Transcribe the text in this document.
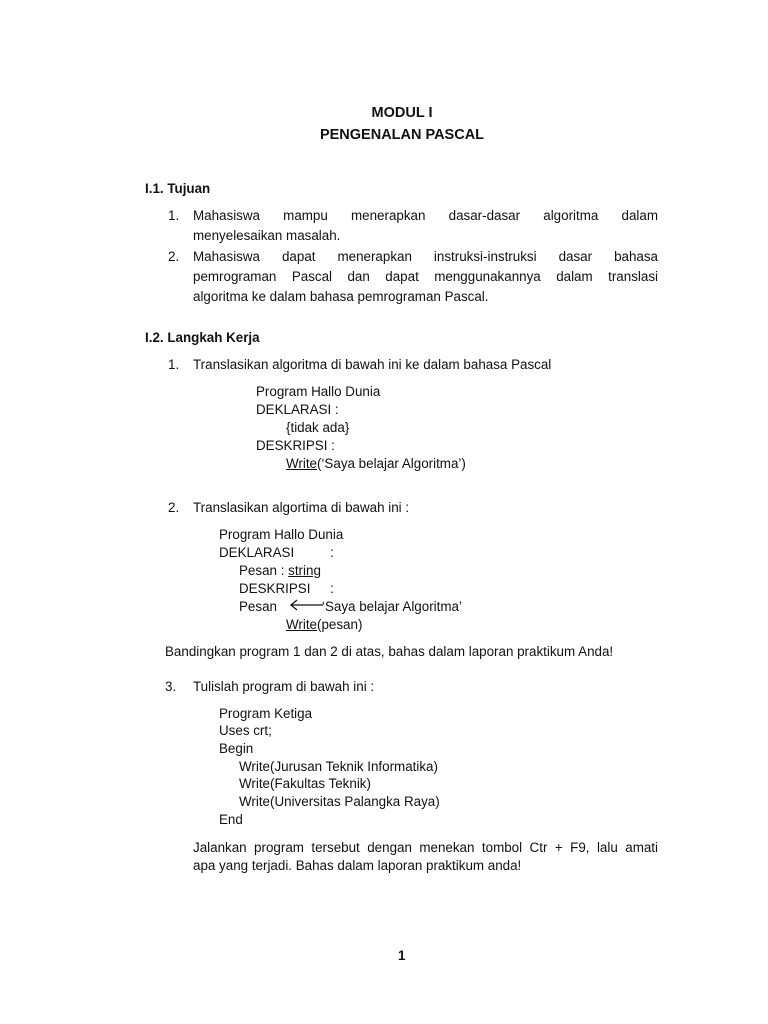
MODUL I
PENGENALAN PASCAL
I.1. Tujuan
1. Mahasiswa mampu menerapkan dasar-dasar algoritma dalam
menyelesaikan masalah.
2. Mahasiswa dapat menerapkan instruksi-instruksi dasar bahasa
pemrograman Pascal dan dapat menggunakannya dalam translasi
algoritma ke dalam bahasa pemrograman Pascal.
I.2. Langkah Kerja
1. Translasikan algoritma di bawah ini ke dalam bahasa Pascal
Program Hallo Dunia
DEKLARASI :
{tidak ada}
DESKRIPSI :
Write(‘Saya belajar Algoritma’)
2. Translasikan algortima di bawah ini :
Program Hallo Dunia
DEKLARASI	:
Pesan : string
DESKRIPSI :
Pesan	‘Saya belajar Algoritma’
Write(pesan)
Bandingkan program 1 dan 2 di atas, bahas dalam laporan praktikum Anda!
3. Tulislah program di bawah ini :
Program Ketiga
Uses crt;
Begin
Write(Jurusan Teknik Informatika)
Write(Fakultas Teknik)
Write(Universitas Palangka Raya)
End
Jalankan program tersebut dengan menekan tombol Ctr + F9, lalu amati
apa yang terjadi. Bahas dalam laporan praktikum anda!
1
